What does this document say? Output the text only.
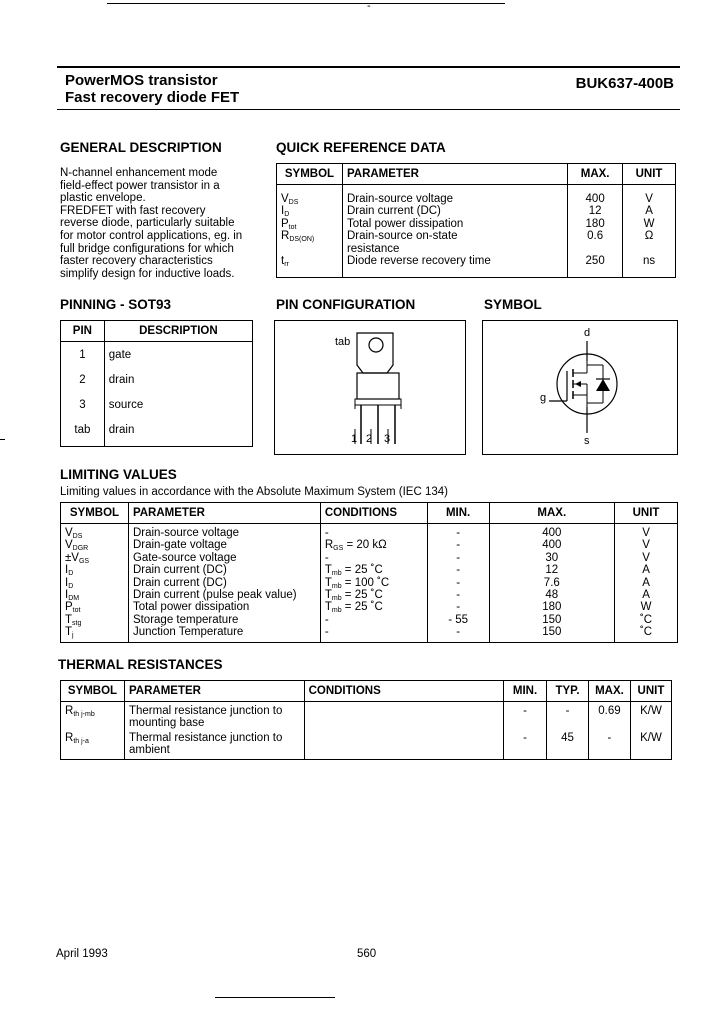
-
PowerMOS transistor
Fast recovery diode FET
BUK637-400B
GENERAL DESCRIPTION
N-channel enhancement mode
field-effect power transistor in a
plastic envelope.
FREDFET with fast recovery
reverse diode, particularly suitable
for motor control applications, eg. in
full bridge configurations for which
faster recovery characteristics
simplify design for inductive loads.
QUICK REFERENCE DATA
SYMBOL	PARAMETER	MAX.	UNIT
$V_{DS}$	Drain-source voltage	400	V
$I_D$	Drain current (DC)	12	A
$P_{tot}$	Total power dissipation	180	W
$R_{DS(ON)}$	Drain-source on-state
resistance	0.6	Ω
$t_{rr}$	Diode reverse recovery time	250	ns
PINNING - SOT93
PIN	DESCRIPTION
1	gate
2	drain
3	source
tab	drain
PIN CONFIGURATION
tab
1 2 3
SYMBOL
d
g
s
LIMITING VALUES
Limiting values in accordance with the Absolute Maximum System (IEC 134)
SYMBOL	PARAMETER	CONDITIONS	MIN.	MAX.	UNIT
$V_{DS}$	Drain-source voltage	-	-	400	V
$V_{DGR}$	Drain-gate voltage	$R_{GS} = 20$ kΩ	-	400	V
$\pm V_{GS}$	Gate-source voltage	-	-	30	V
$I_D$	Drain current (DC)	$T_{mb} = 25$ ˚C	-	12	A
$I_D$	Drain current (DC)	$T_{mb} = 100$ ˚C	-	7.6	A
$I_{DM}$	Drain current (pulse peak value)	$T_{mb} = 25$ ˚C	-	48	A
$P_{tot}$	Total power dissipation	$T_{mb} = 25$ ˚C	-	180	W
$T_{stg}$	Storage temperature	-	- 55	150	˚C
$T_j$	Junction Temperature	-	-	150	˚C
THERMAL RESISTANCES
SYMBOL	PARAMETER	CONDITIONS	MIN.	TYP.	MAX.	UNIT
$R_{th j-mb}$	Thermal resistance junction to
mounting base		-	-	0.69	K/W
$R_{th j-a}$	Thermal resistance junction to
ambient		-	45	-	K/W
April 1993	560
